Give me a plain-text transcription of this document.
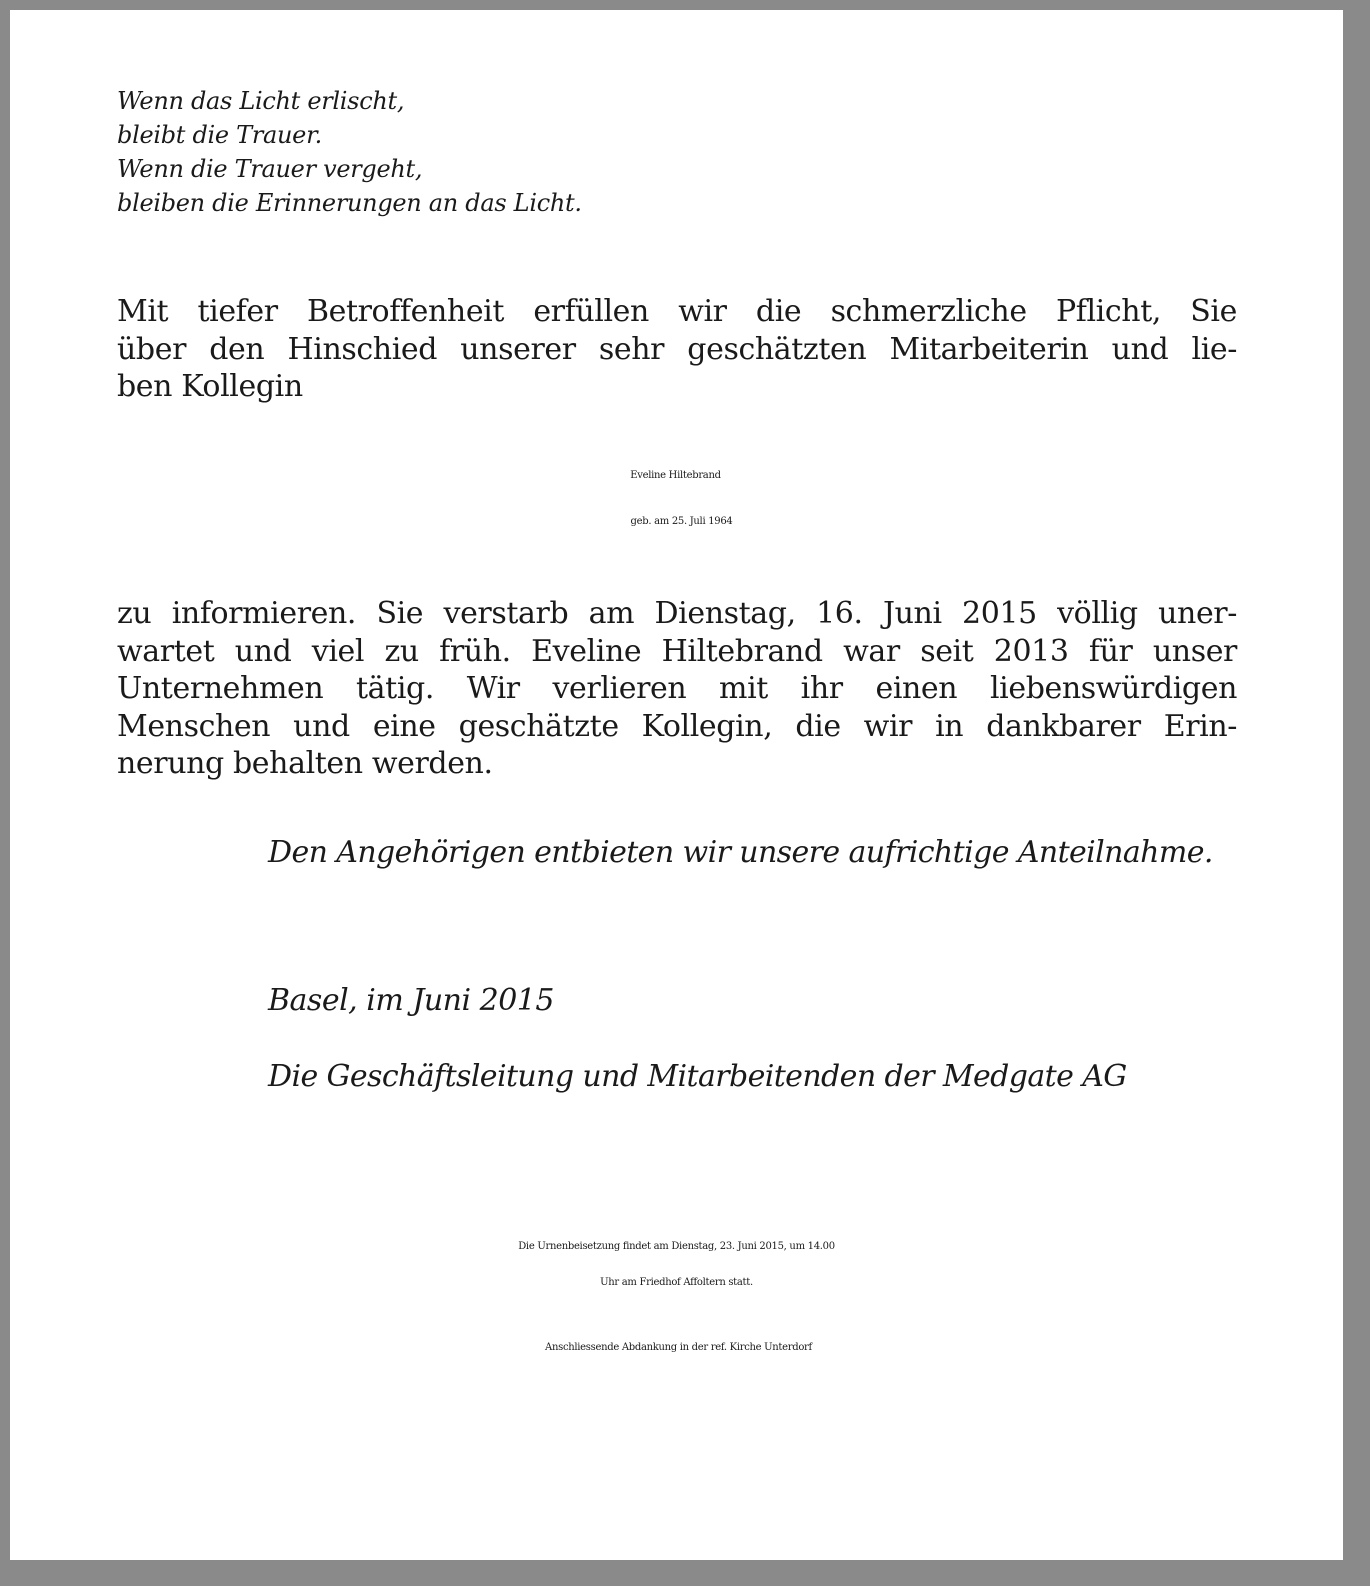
Wenn das Licht erlischt,
bleibt die Trauer.
Wenn die Trauer vergeht,
bleiben die Erinnerungen an das Licht.
Mit tiefer Betroffenheit erfüllen wir die schmerzliche Pflicht, Sie
über den Hinschied unserer sehr geschätzten Mitarbeiterin und lie-
ben Kollegin
Eveline Hiltebrand
geb. am 25. Juli 1964
zu informieren. Sie verstarb am Dienstag, 16. Juni 2015 völlig uner-
wartet und viel zu früh. Eveline Hiltebrand war seit 2013 für unser
Unternehmen tätig. Wir verlieren mit ihr einen liebenswürdigen
Menschen und eine geschätzte Kollegin, die wir in dankbarer Erin-
nerung behalten werden.
Den Angehörigen entbieten wir unsere aufrichtige Anteilnahme.
Basel, im Juni 2015
Die Geschäftsleitung und Mitarbeitenden der Medgate AG
Die Urnenbeisetzung findet am Dienstag, 23. Juni 2015, um 14.00
Uhr am Friedhof Affoltern statt.
Anschliessende Abdankung in der ref. Kirche Unterdorf
